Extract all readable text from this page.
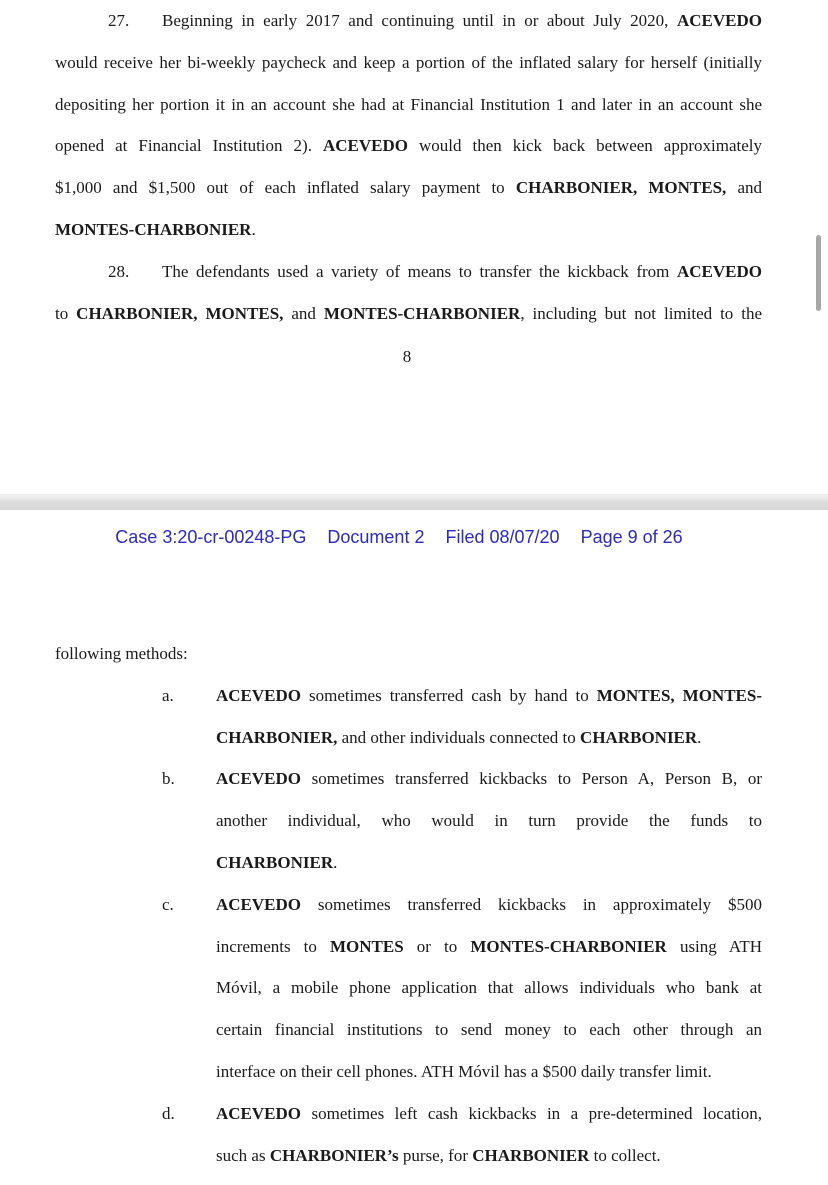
27. Beginning in early 2017 and continuing until in or about July 2020, ACEVEDO
would receive her bi-weekly paycheck and keep a portion of the inflated salary for herself (initially
depositing her portion it in an account she had at Financial Institution 1 and later in an account she
opened at Financial Institution 2). ACEVEDO would then kick back between approximately
$1,000 and $1,500 out of each inflated salary payment to CHARBONIER, MONTES, and
MONTES-CHARBONIER.
28. The defendants used a variety of means to transfer the kickback from ACEVEDO
to CHARBONIER, MONTES, and MONTES-CHARBONIER, including but not limited to the
8
Case 3:20-cr-00248-PG Document 2 Filed 08/07/20 Page 9 of 26
following methods:
a. ACEVEDO sometimes transferred cash by hand to MONTES, MONTES-
CHARBONIER, and other individuals connected to CHARBONIER.
b. ACEVEDO sometimes transferred kickbacks to Person A, Person B, or
another individual, who would in turn provide the funds to
CHARBONIER.
c. ACEVEDO sometimes transferred kickbacks in approximately $500
increments to MONTES or to MONTES-CHARBONIER using ATH
Móvil, a mobile phone application that allows individuals who bank at
certain financial institutions to send money to each other through an
interface on their cell phones. ATH Móvil has a $500 daily transfer limit.
d. ACEVEDO sometimes left cash kickbacks in a pre-determined location,
such as CHARBONIER’s purse, for CHARBONIER to collect.
